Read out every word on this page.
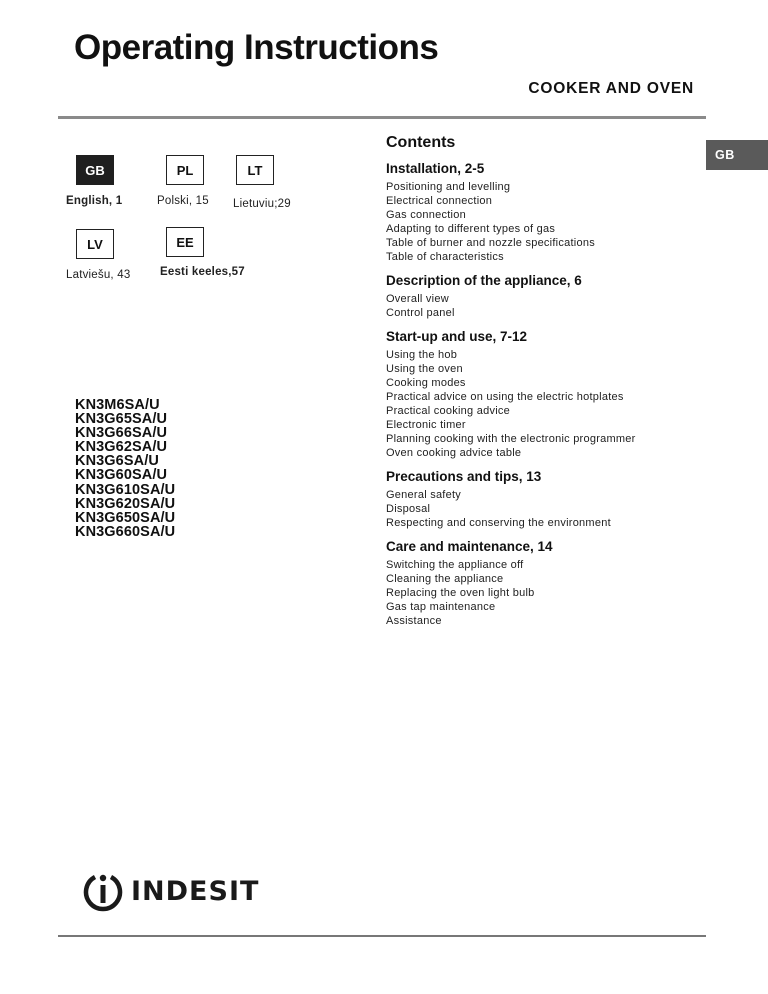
Operating Instructions
COOKER AND OVEN
GB
GB
English, 1
PL
Polski, 15
LT
Lietuviu;29
LV
Latviešu, 43
EE
Eesti keeles,57
KN3M6SA/U
KN3G65SA/U
KN3G66SA/U
KN3G62SA/U
KN3G6SA/U
KN3G60SA/U
KN3G610SA/U
KN3G620SA/U
KN3G650SA/U
KN3G660SA/U
Contents
Installation, 2-5
Positioning and levelling
Electrical connection
Gas connection
Adapting to different types of gas
Table of burner and nozzle specifications
Table of characteristics
Description of the appliance, 6
Overall view
Control panel
Start-up and use, 7-12
Using the hob
Using the oven
Cooking modes
Practical advice on using the electric hotplates
Practical cooking advice
Electronic timer
Planning cooking with the electronic programmer
Oven cooking advice table
Precautions and tips, 13
General safety
Disposal
Respecting and conserving the environment
Care and maintenance, 14
Switching the appliance off
Cleaning the appliance
Replacing the oven light bulb
Gas tap maintenance
Assistance
INDESIT
